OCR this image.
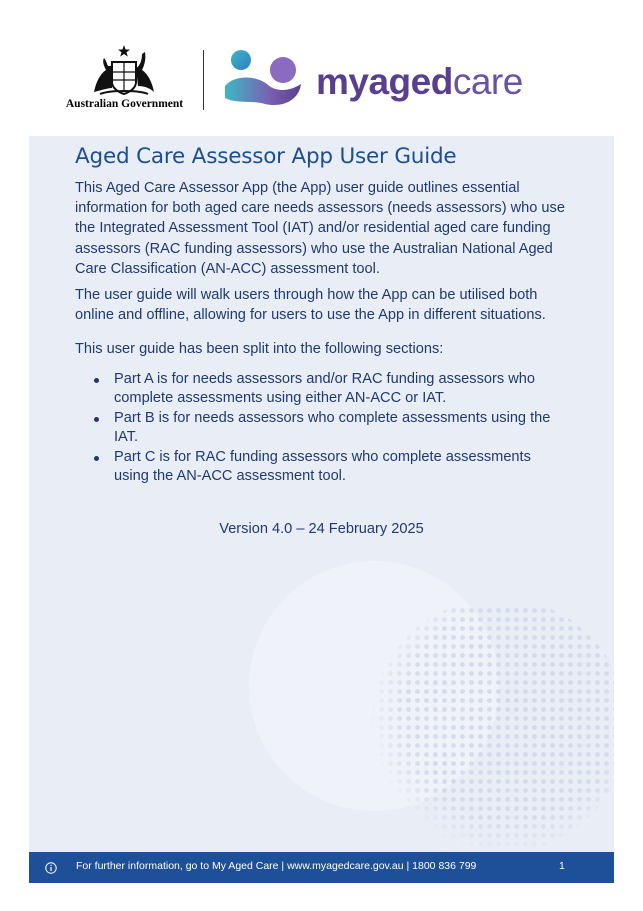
Australian Government
myagedcare
Aged Care Assessor App User Guide

This Aged Care Assessor App (the App) user guide outlines essential information for both aged care needs assessors (needs assessors) who use the Integrated Assessment Tool (IAT) and/or residential aged care funding assessors (RAC funding assessors) who use the Australian National Aged Care Classification (AN-ACC) assessment tool.

The user guide will walk users through how the App can be utilised both online and offline, allowing for users to use the App in different situations.

This user guide has been split into the following sections:

Part A is for needs assessors and/or RAC funding assessors who complete assessments using either AN-ACC or IAT.
Part B is for needs assessors who complete assessments using the IAT.
Part C is for RAC funding assessors who complete assessments using the AN-ACC assessment tool.
Version 4.0 – 24 February 2025
For further information, go to My Aged Care | www.myagedcare.gov.au | 1800 836 799	1
